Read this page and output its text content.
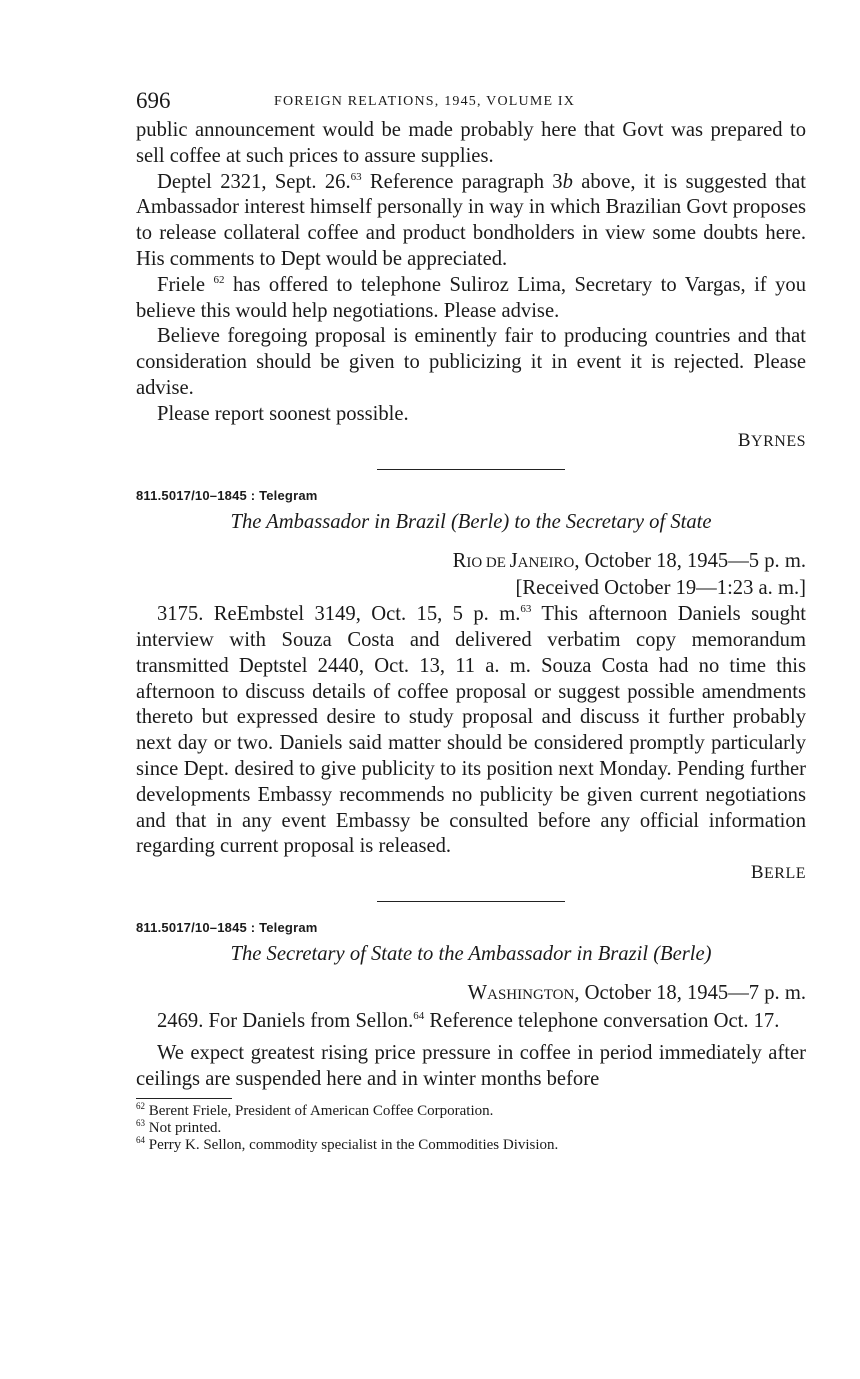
696	FOREIGN RELATIONS, 1945, VOLUME IX

public announcement would be made probably here that Govt was prepared to sell coffee at such prices to assure supplies.

Deptel 2321, Sept. 26.63 Reference paragraph 3b above, it is suggested that Ambassador interest himself personally in way in which Brazilian Govt proposes to release collateral coffee and product bondholders in view some doubts here. His comments to Dept would be appreciated.

Friele $^{62}$ has offered to telephone Suliroz Lima, Secretary to Vargas, if you believe this would help negotiations. Please advise.

Believe foregoing proposal is eminently fair to producing countries and that consideration should be given to publicizing it in event it is rejected. Please advise.

Please report soonest possible.

BYRNES

811.5017/10–1845 : Telegram

The Ambassador in Brazil (Berle) to the Secretary of State

RIO DE JANEIRO, October 18, 1945—5 p. m.

[Received October 19—1:23 a. m.]

3175. ReEmbstel 3149, Oct. 15, 5 p. m.$^{63}$ This afternoon Daniels sought interview with Souza Costa and delivered verbatim copy memorandum transmitted Deptstel 2440, Oct. 13, 11 a. m. Souza Costa had no time this afternoon to discuss details of coffee proposal or suggest possible amendments thereto but expressed desire to study proposal and discuss it further probably next day or two. Daniels said matter should be considered promptly particularly since Dept. desired to give publicity to its position next Monday. Pending further developments Embassy recommends no publicity be given current negotiations and that in any event Embassy be consulted before any official information regarding current proposal is released.

BERLE

811.5017/10–1845 : Telegram

The Secretary of State to the Ambassador in Brazil (Berle)

WASHINGTON, October 18, 1945—7 p. m.

2469. For Daniels from Sellon.$^{64}$ Reference telephone conversation Oct. 17.

We expect greatest rising price pressure in coffee in period immediately after ceilings are suspended here and in winter months before

$^{62}$ Berent Friele, President of American Coffee Corporation.

$^{63}$ Not printed.

$^{64}$ Perry K. Sellon, commodity specialist in the Commodities Division.
